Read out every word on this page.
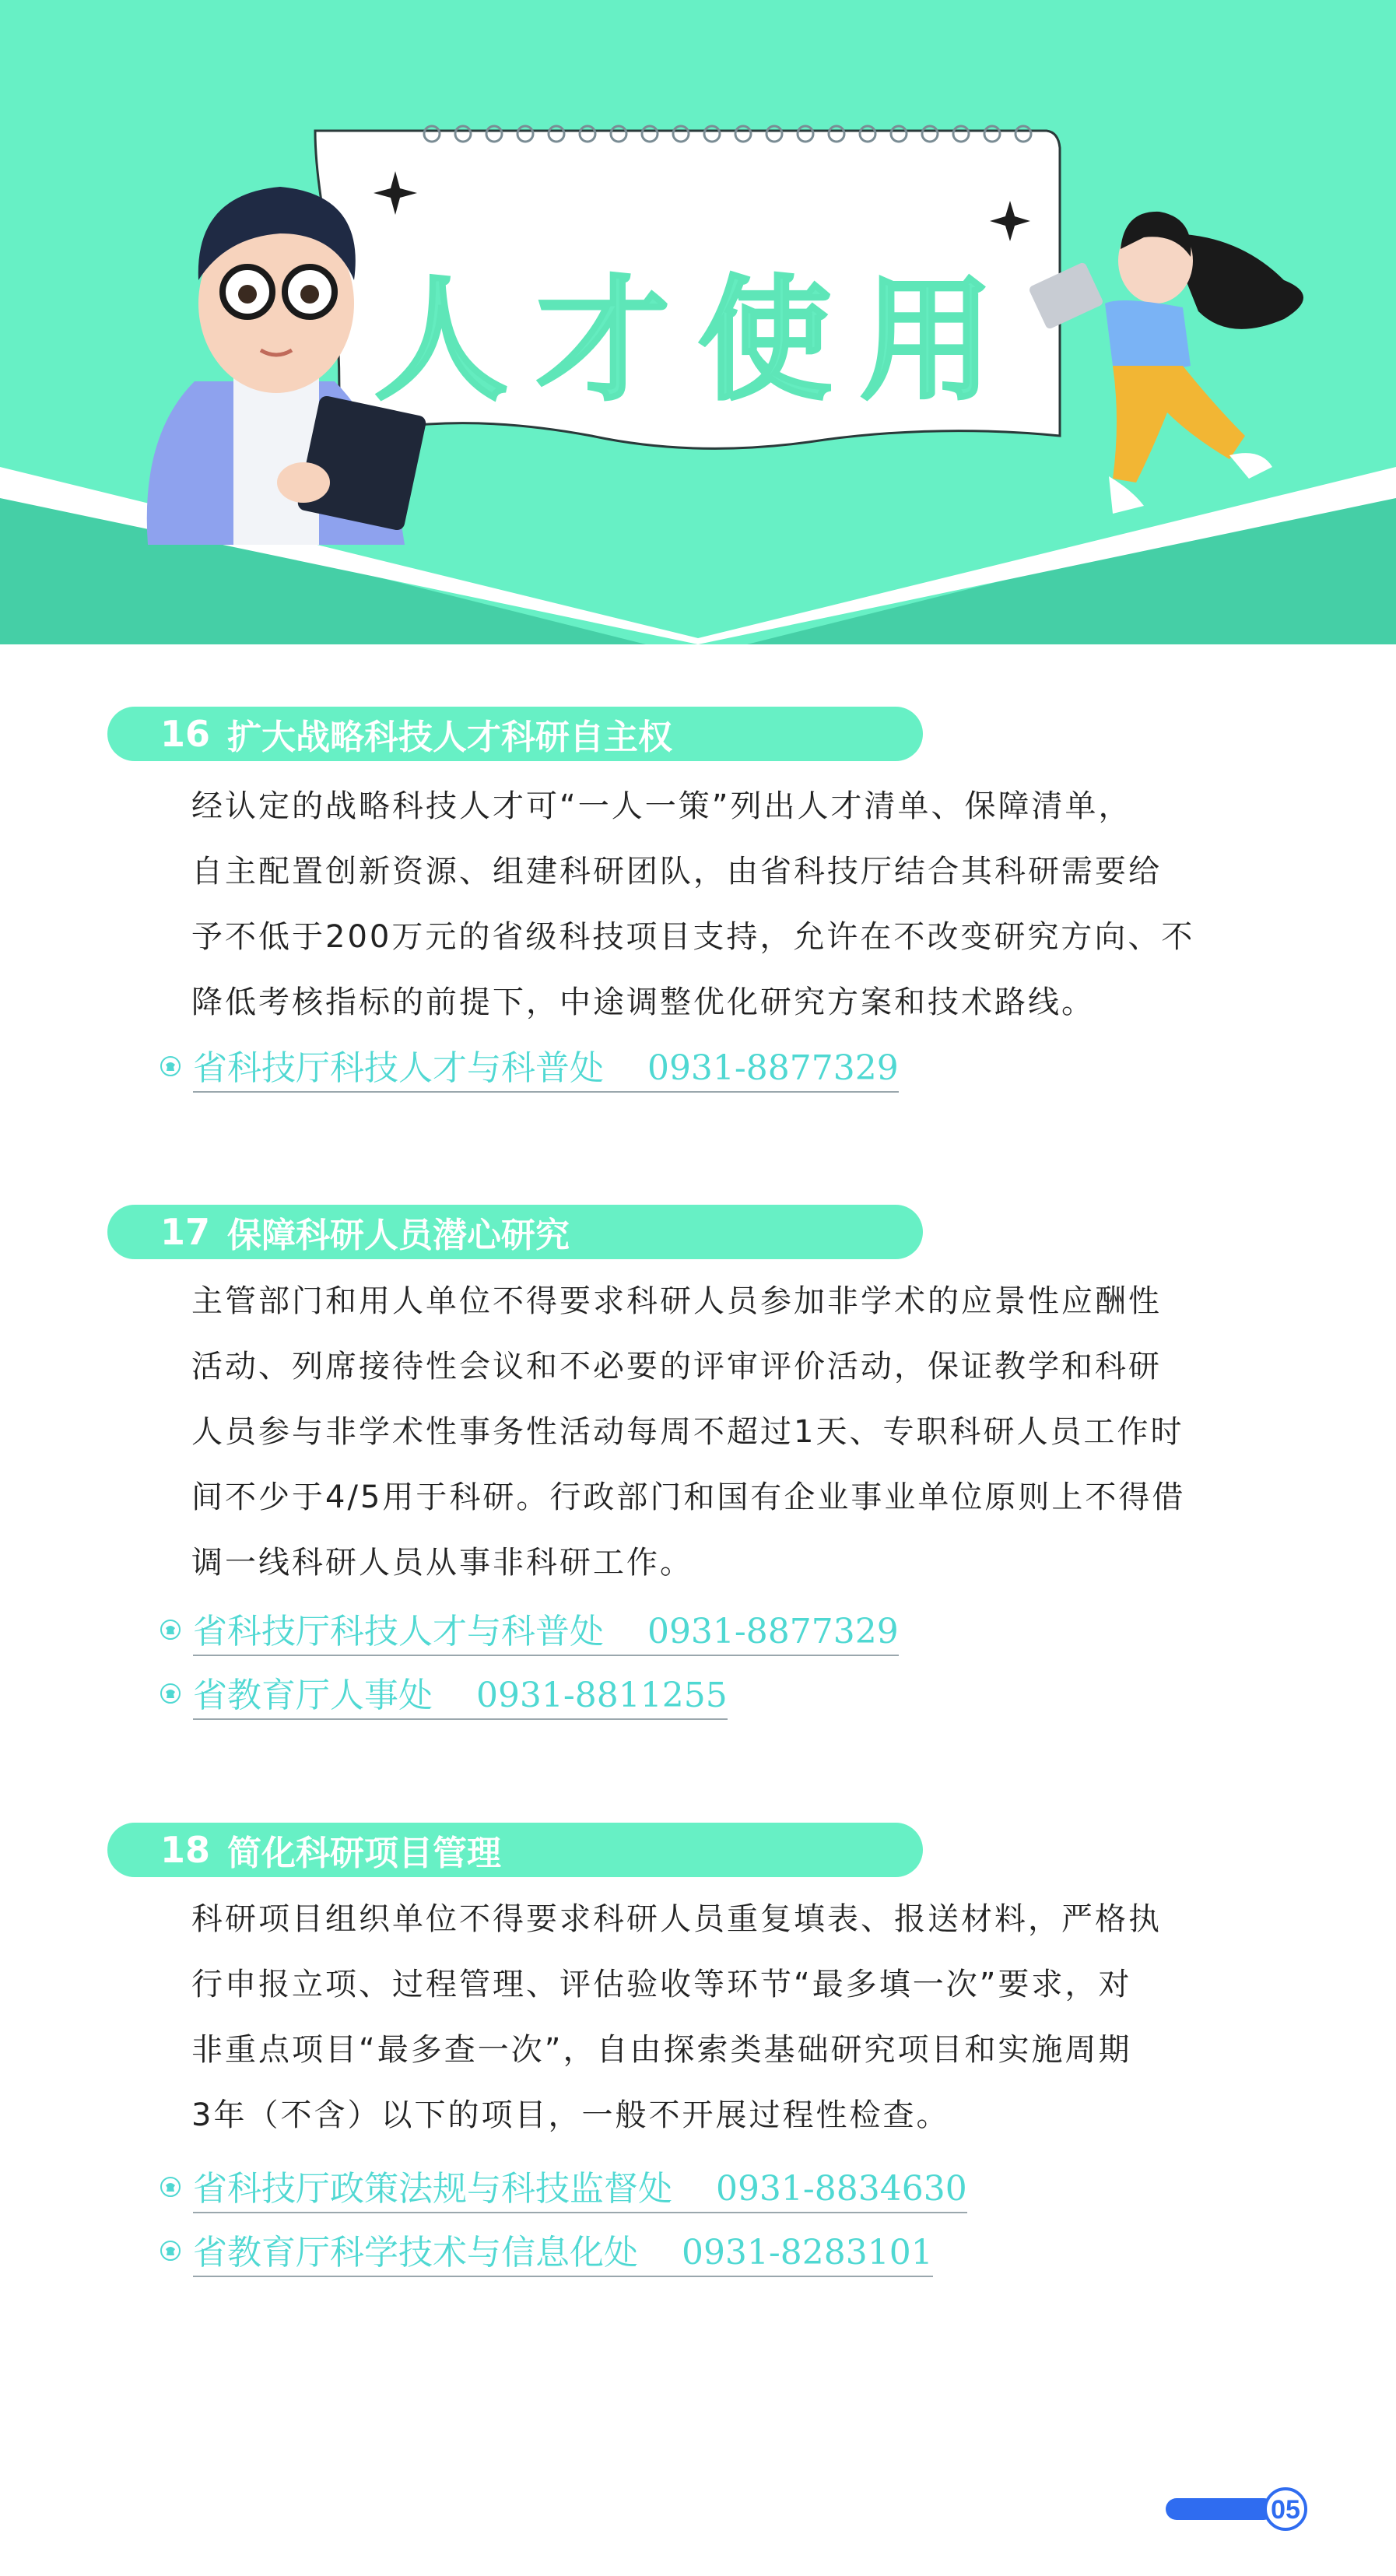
人才使用
16 扩大战略科技人才科研自主权
经认定的战略科技人才可“一人一策”列出人才清单、保障清单，
自主配置创新资源、组建科研团队，由省科技厅结合其科研需要给
予不低于200万元的省级科技项目支持，允许在不改变研究方向、不
降低考核指标的前提下，中途调整优化研究方案和技术路线。
省科技厅科技人才与科普处    0931-8877329
17 保障科研人员潜心研究
主管部门和用人单位不得要求科研人员参加非学术的应景性应酬性
活动、列席接待性会议和不必要的评审评价活动，保证教学和科研
人员参与非学术性事务性活动每周不超过1天、专职科研人员工作时
间不少于4/5用于科研。行政部门和国有企业事业单位原则上不得借
调一线科研人员从事非科研工作。
省科技厅科技人才与科普处    0931-8877329
省教育厅人事处    0931-8811255
18 简化科研项目管理
科研项目组织单位不得要求科研人员重复填表、报送材料，严格执
行申报立项、过程管理、评估验收等环节“最多填一次”要求，对
非重点项目“最多查一次”，自由探索类基础研究项目和实施周期
3年（不含）以下的项目，一般不开展过程性检查。
省科技厅政策法规与科技监督处    0931-8834630
省教育厅科学技术与信息化处    0931-8283101
05
